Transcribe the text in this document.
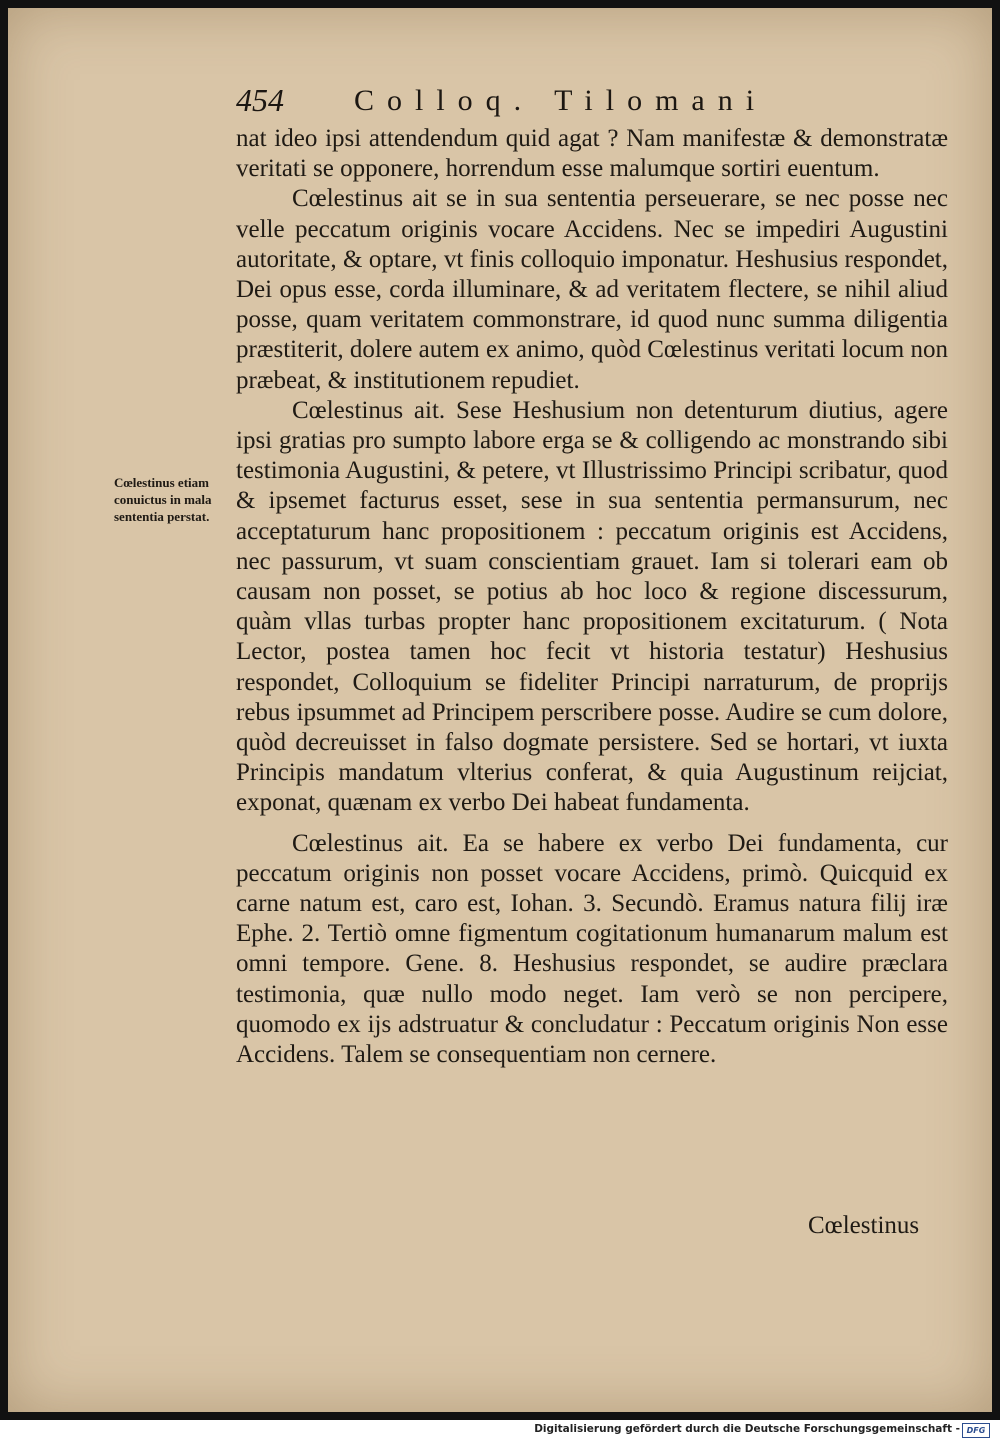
454 Colloq. Tilomani
Cœlestinus etiam conuictus in mala sententia perstat.

nat ideo ipsi attendendum quid agat ? Nam manifestæ & demonstratæ veritati se opponere, horrendum esse malumque sortiri euentum.

Cœlestinus ait se in sua sententia perseuerare, se nec posse nec velle peccatum originis vocare Accidens. Nec se impediri Augustini autoritate, & optare, vt finis colloquio imponatur. Heshusius respondet, Dei opus esse, corda illuminare, & ad veritatem flectere, se nihil aliud posse, quam veritatem commonstrare, id quod nunc summa diligentia præstiterit, dolere autem ex animo, quòd Cœlestinus veritati locum non præbeat, & institutionem repudiet.

Cœlestinus ait. Sese Heshusium non detenturum diutius, agere ipsi gratias pro sumpto labore erga se & colligendo ac monstrando sibi testimonia Augustini, & petere, vt Illustrissimo Principi scribatur, quod & ipsemet facturus esset, sese in sua sententia permansurum, nec acceptaturum hanc propositionem : peccatum originis est Accidens, nec passurum, vt suam conscientiam grauet. Iam si tolerari eam ob causam non posset, se potius ab hoc loco & regione discessurum, quàm vllas turbas propter hanc propositionem excitaturum. ( Nota Lector, postea tamen hoc fecit vt historia testatur) Heshusius respondet, Colloquium se fideliter Principi narraturum, de proprijs rebus ipsummet ad Principem perscribere posse. Audire se cum dolore, quòd decreuisset in falso dogmate persistere. Sed se hortari, vt iuxta Principis mandatum vlterius conferat, & quia Augustinum reijciat, exponat, quænam ex verbo Dei habeat fundamenta.

Cœlestinus ait. Ea se habere ex verbo Dei fundamenta, cur peccatum originis non posset vocare Accidens, primò. Quicquid ex carne natum est, caro est, Iohan. 3. Secundò. Eramus natura filij iræ Ephe. 2. Tertiò omne figmentum cogitationum humanarum malum est omni tempore. Gene. 8. Heshusius respondet, se audire præclara testimonia, quæ nullo modo neget. Iam verò se non percipere, quomodo ex ijs adstruatur & concludatur : Peccatum originis Non esse Accidens. Talem se consequentiam non cernere.

Cœlestinus
Digitalisierung gefördert durch die Deutsche Forschungsgemeinschaft - DFG
